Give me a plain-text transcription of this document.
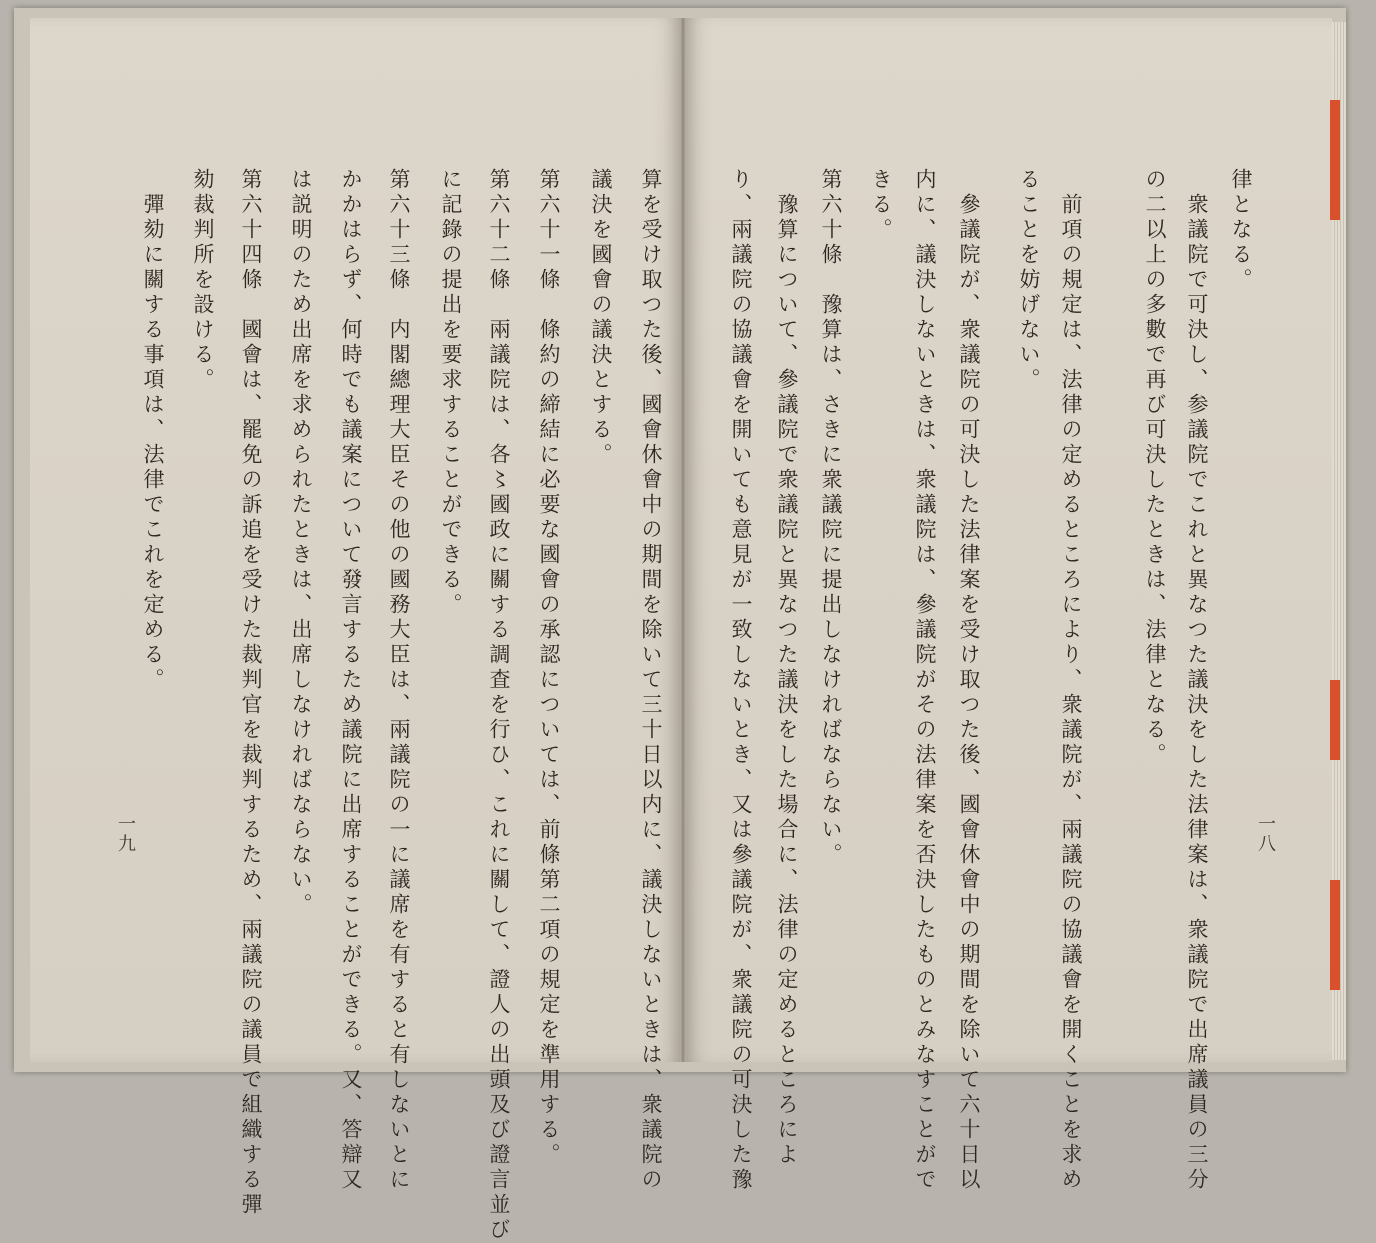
律となる。
　衆議院で可決し、参議院でこれと異なつた議決をした法律案は、衆議院で出席議員の三分
の二以上の多數で再び可決したときは、法律となる。
　前項の規定は、法律の定めるところにより、衆議院が、兩議院の協議會を開くことを求め
ることを妨げない。
　參議院が、衆議院の可決した法律案を受け取つた後、國會休會中の期間を除いて六十日以
内に、議決しないときは、衆議院は、參議院がその法律案を否決したものとみなすことがで
きる。
第六十條　豫算は、さきに衆議院に提出しなければならない。
　豫算について、參議院で衆議院と異なつた議決をした場合に、法律の定めるところによ
り、兩議院の協議會を開いても意見が一致しないとき、又は參議院が、衆議院の可決した豫	一八
算を受け取つた後、國會休會中の期間を除いて三十日以内に、議決しないときは、衆議院の
議決を國會の議決とする。
第六十一條　條約の締結に必要な國會の承認については、前條第二項の規定を準用する。
第六十二條　兩議院は、各〻國政に關する調査を行ひ、これに關して、證人の出頭及び證言並び
に記錄の提出を要求することができる。
第六十三條　内閣總理大臣その他の國務大臣は、兩議院の一に議席を有すると有しないとに
かかはらず、何時でも議案について發言するため議院に出席することができる。又、答辯又
は説明のため出席を求められたときは、出席しなければならない。
第六十四條　國會は、罷免の訴追を受けた裁判官を裁判するため、兩議院の議員で組織する彈
劾裁判所を設ける。
　彈劾に關する事項は、法律でこれを定める。
一九
